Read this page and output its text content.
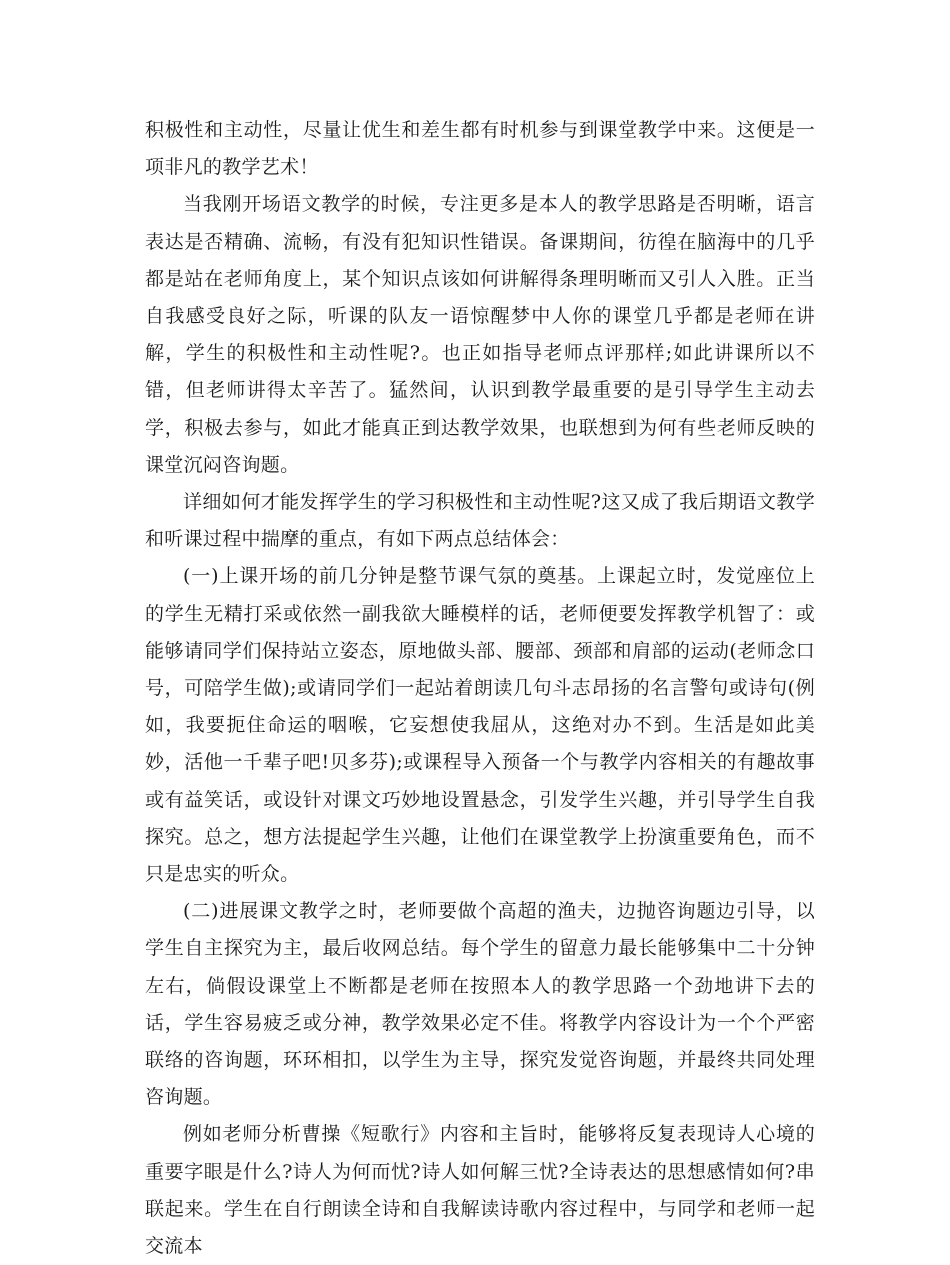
积极性和主动性，尽量让优生和差生都有时机参与到课堂教学中来。这便是一项非凡的教学艺术！

当我刚开场语文教学的时候，专注更多是本人的教学思路是否明晰，语言表达是否精确、流畅，有没有犯知识性错误。备课期间，彷徨在脑海中的几乎都是站在老师角度上，某个知识点该如何讲解得条理明晰而又引人入胜。正当自我感受良好之际，听课的队友一语惊醒梦中人你的课堂几乎都是老师在讲解，学生的积极性和主动性呢?。也正如指导老师点评那样;如此讲课所以不错，但老师讲得太辛苦了。猛然间，认识到教学最重要的是引导学生主动去学，积极去参与，如此才能真正到达教学效果，也联想到为何有些老师反映的课堂沉闷咨询题。

详细如何才能发挥学生的学习积极性和主动性呢?这又成了我后期语文教学和听课过程中揣摩的重点，有如下两点总结体会：

(一)上课开场的前几分钟是整节课气氛的奠基。上课起立时，发觉座位上的学生无精打采或依然一副我欲大睡模样的话，老师便要发挥教学机智了：或能够请同学们保持站立姿态，原地做头部、腰部、颈部和肩部的运动(老师念口号，可陪学生做);或请同学们一起站着朗读几句斗志昂扬的名言警句或诗句(例如，我要扼住命运的咽喉，它妄想使我屈从，这绝对办不到。生活是如此美妙，活他一千辈子吧!贝多芬);或课程导入预备一个与教学内容相关的有趣故事或有益笑话，或设针对课文巧妙地设置悬念，引发学生兴趣，并引导学生自我探究。总之，想方法提起学生兴趣，让他们在课堂教学上扮演重要角色，而不只是忠实的听众。

(二)进展课文教学之时，老师要做个高超的渔夫，边抛咨询题边引导，以学生自主探究为主，最后收网总结。每个学生的留意力最长能够集中二十分钟左右，倘假设课堂上不断都是老师在按照本人的教学思路一个劲地讲下去的话，学生容易疲乏或分神，教学效果必定不佳。将教学内容设计为一个个严密联络的咨询题，环环相扣，以学生为主导，探究发觉咨询题，并最终共同处理咨询题。

例如老师分析曹操《短歌行》内容和主旨时，能够将反复表现诗人心境的重要字眼是什么?诗人为何而忧?诗人如何解三忧?全诗表达的思想感情如何?串联起来。学生在自行朗读全诗和自我解读诗歌内容过程中，与同学和老师一起交流本
